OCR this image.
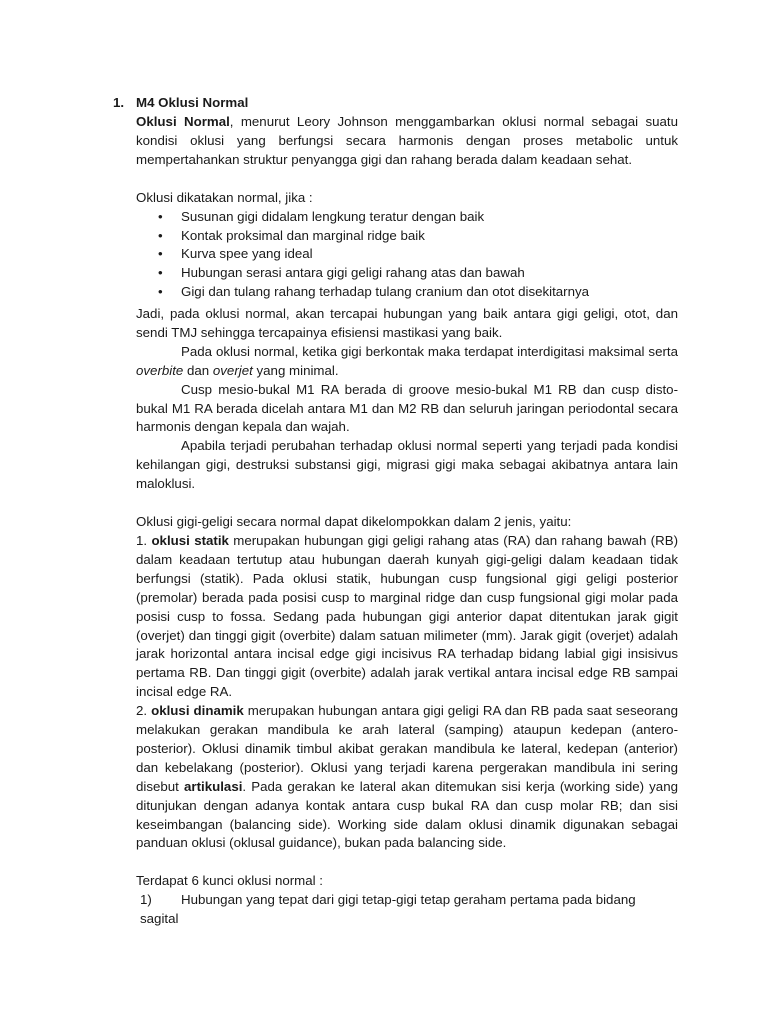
1. M4 Oklusi Normal

Oklusi Normal, menurut Leory Johnson menggambarkan oklusi normal sebagai suatu kondisi oklusi yang berfungsi secara harmonis dengan proses metabolic untuk mempertahankan struktur penyangga gigi dan rahang berada dalam keadaan sehat.

Oklusi dikatakan normal, jika :

• Susunan gigi didalam lengkung teratur dengan baik
• Kontak proksimal dan marginal ridge baik
• Kurva spee yang ideal
• Hubungan serasi antara gigi geligi rahang atas dan bawah
• Gigi dan tulang rahang terhadap tulang cranium dan otot disekitarnya

Jadi, pada oklusi normal, akan tercapai hubungan yang baik antara gigi geligi, otot, dan sendi TMJ sehingga tercapainya efisiensi mastikasi yang baik.

Pada oklusi normal, ketika gigi berkontak maka terdapat interdigitasi maksimal serta overbite dan overjet yang minimal.

Cusp mesio-bukal M1 RA berada di groove mesio-bukal M1 RB dan cusp disto-bukal M1 RA berada dicelah antara M1 dan M2 RB dan seluruh jaringan periodontal secara harmonis dengan kepala dan wajah.

Apabila terjadi perubahan terhadap oklusi normal seperti yang terjadi pada kondisi kehilangan gigi, destruksi substansi gigi, migrasi gigi maka sebagai akibatnya antara lain maloklusi.

Oklusi gigi-geligi secara normal dapat dikelompokkan dalam 2 jenis, yaitu:

1. oklusi statik merupakan hubungan gigi geligi rahang atas (RA) dan rahang bawah (RB) dalam keadaan tertutup atau hubungan daerah kunyah gigi-geligi dalam keadaan tidak berfungsi (statik). Pada oklusi statik, hubungan cusp fungsional gigi geligi posterior (premolar) berada pada posisi cusp to marginal ridge dan cusp fungsional gigi molar pada posisi cusp to fossa. Sedang pada hubungan gigi anterior dapat ditentukan jarak gigit (overjet) dan tinggi gigit (overbite) dalam satuan milimeter (mm). Jarak gigit (overjet) adalah jarak horizontal antara incisal edge gigi incisivus RA terhadap bidang labial gigi insisivus pertama RB. Dan tinggi gigit (overbite) adalah jarak vertikal antara incisal edge RB sampai incisal edge RA.

2. oklusi dinamik merupakan hubungan antara gigi geligi RA dan RB pada saat seseorang melakukan gerakan mandibula ke arah lateral (samping) ataupun kedepan (antero-posterior). Oklusi dinamik timbul akibat gerakan mandibula ke lateral, kedepan (anterior) dan kebelakang (posterior). Oklusi yang terjadi karena pergerakan mandibula ini sering disebut artikulasi. Pada gerakan ke lateral akan ditemukan sisi kerja (working side) yang ditunjukan dengan adanya kontak antara cusp bukal RA dan cusp molar RB; dan sisi keseimbangan (balancing side). Working side dalam oklusi dinamik digunakan sebagai panduan oklusi (oklusal guidance), bukan pada balancing side.

Terdapat 6 kunci oklusi normal :

1) Hubungan yang tepat dari gigi tetap-gigi tetap geraham pertama pada bidang
sagital
